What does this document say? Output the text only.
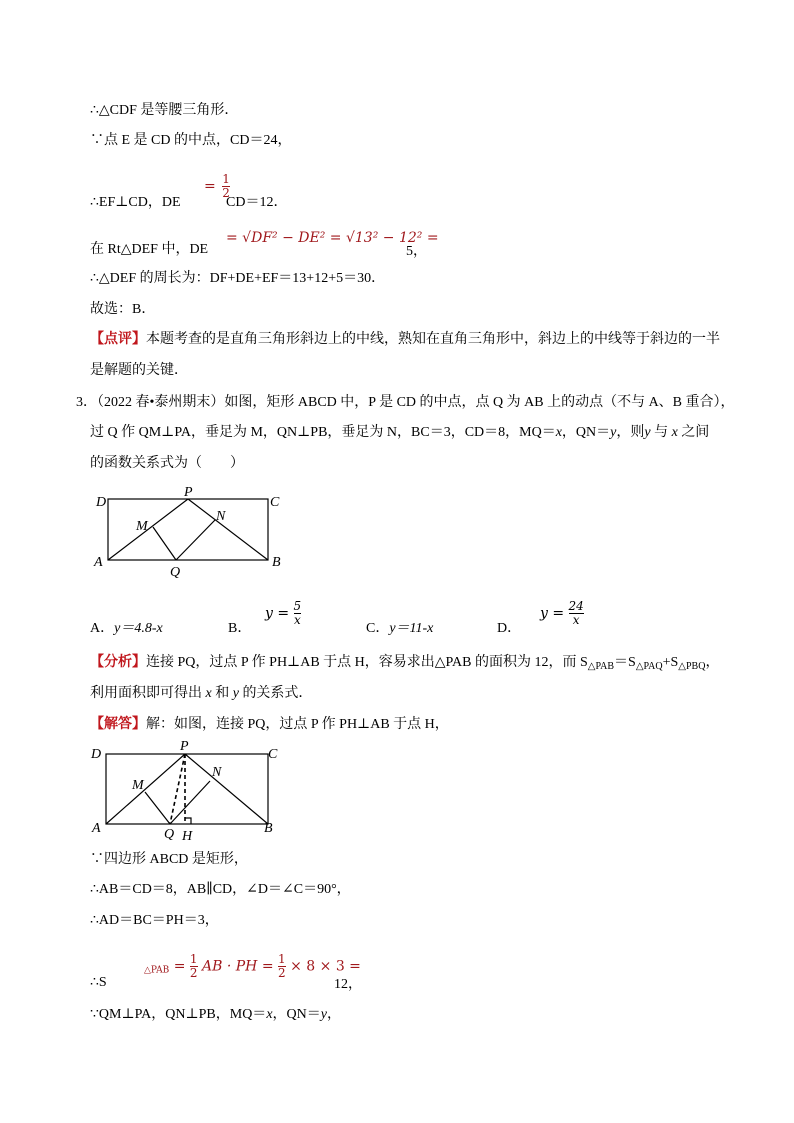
∴△CDF 是等腰三角形．
∵点 E 是 CD 的中点，CD＝24，
∴EF⊥CD，DE
= $\frac{1}{2}$
CD＝12．
在 Rt△DEF 中，DE
= √DF² − DE² = √13² − 12² =
5，
∴△DEF 的周长为：DF+DE+EF＝13+12+5＝30．
故选：B．
【点评】本题考查的是直角三角形斜边上的中线，熟知在直角三角形中，斜边上的中线等于斜边的一半
是解题的关键．
3．（2022 春•泰州期末）如图，矩形 ABCD 中，P 是 CD 的中点，点 Q 为 AB 上的动点（不与 A、B 重合），
过 Q 作 QM⊥PA，垂足为 M，QN⊥PB，垂足为 N，BC＝3，CD＝8，MQ＝x，QN＝y，则y 与 x 之间
的函数关系式为（　　）
D
P
C
M
N
A
Q
B
A．y＝4.8-x	B．
$y = \frac{5}{x}$
C．y＝11-x	D．
$y = \frac{24}{x}$
【分析】连接 PQ，过点 P 作 PH⊥AB 于点 H，容易求出△PAB 的面积为 12，而 $S_{\triangle PAB}=S_{\triangle PAQ}+S_{\triangle PBQ}$，
利用面积即可得出 x 和 y 的关系式．
【解答】解：如图，连接 PQ，过点 P 作 PH⊥AB 于点 H，
D
P
C
M
N
A	Q H
B
∵四边形 ABCD 是矩形，
∴AB＝CD＝8，AB∥CD，∠D＝∠C＝90°，
∴AD＝BC＝PH＝3，
∴S
$_{\triangle PAB} = \frac{1}{2}$ AB · PH = $\frac{1}{2} \times 8 \times 3$ =
12，
∵QM⊥PA，QN⊥PB，MQ＝x，QN＝y，
